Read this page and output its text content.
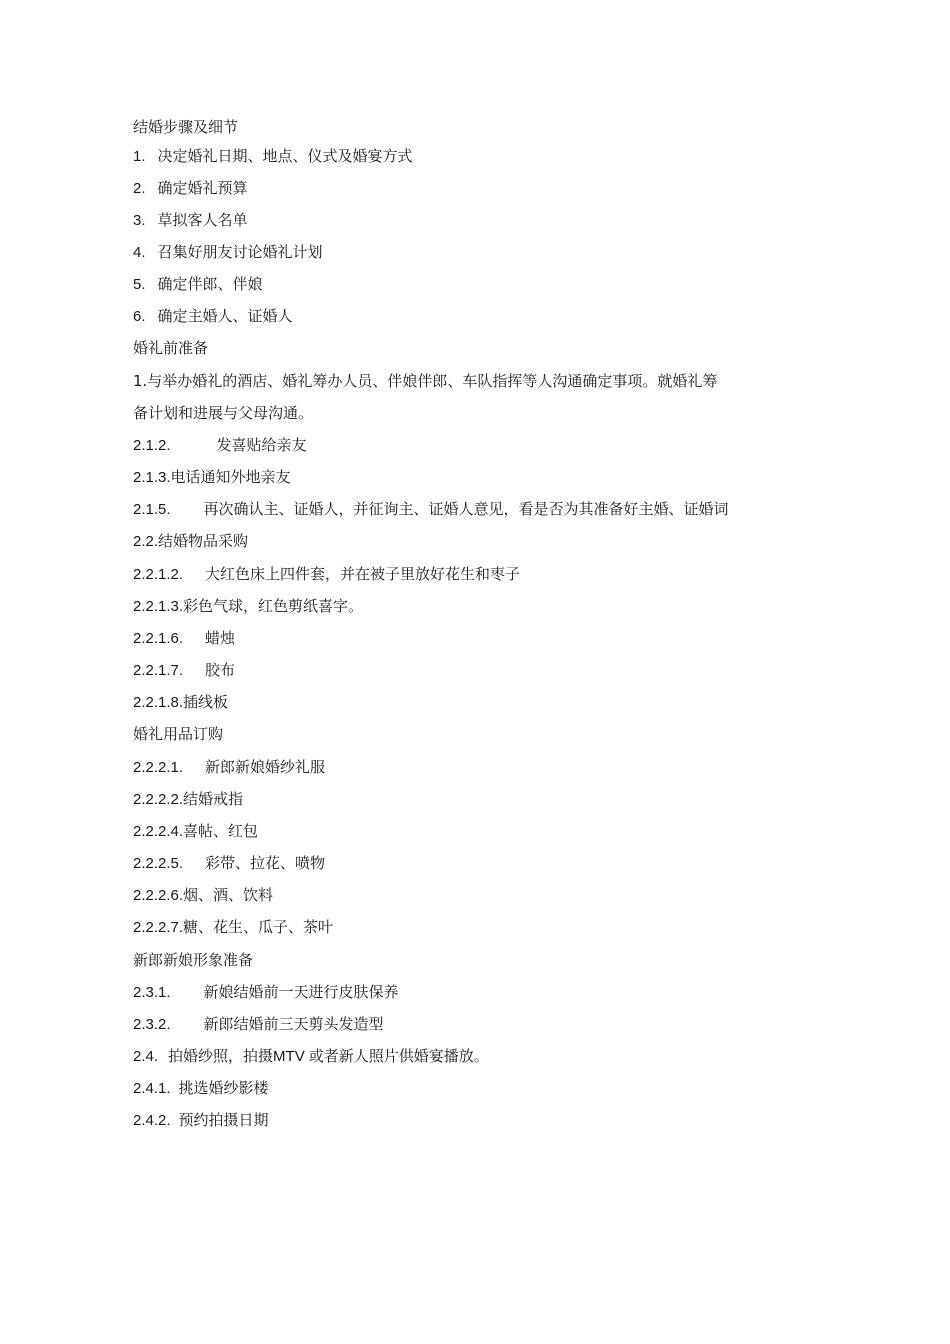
结婚步骤及细节
1. 决定婚礼日期、地点、仪式及婚宴方式
2. 确定婚礼预算
3. 草拟客人名单
4. 召集好朋友讨论婚礼计划
5. 确定伴郎、伴娘
6. 确定主婚人、证婚人
婚礼前准备
1.与举办婚礼的酒店、婚礼筹办人员、伴娘伴郎、车队指挥等人沟通确定事项。就婚礼筹
备计划和进展与父母沟通。
2.1.2.	发喜贴给亲友
2.1.3.电话通知外地亲友
2.1.5. 再次确认主、证婚人，并征询主、证婚人意见，看是否为其准备好主婚、证婚词
2.2.结婚物品采购
2.2.1.2. 大红色床上四件套，并在被子里放好花生和枣子
2.2.1.3.彩色气球，红色剪纸喜字。
2.2.1.6. 蜡烛
2.2.1.7. 胶布
2.2.1.8.插线板
婚礼用品订购
2.2.2.1. 新郎新娘婚纱礼服
2.2.2.2.结婚戒指
2.2.2.4.喜帖、红包
2.2.2.5. 彩带、拉花、喷物
2.2.2.6.烟、酒、饮料
2.2.2.7.糖、花生、瓜子、茶叶
新郎新娘形象准备
2.3.1. 新娘结婚前一天进行皮肤保养
2.3.2. 新郎结婚前三天剪头发造型
2.4. 拍婚纱照，拍摄MTV 或者新人照片供婚宴播放。
2.4.1. 挑选婚纱影楼
2.4.2. 预约拍摄日期
